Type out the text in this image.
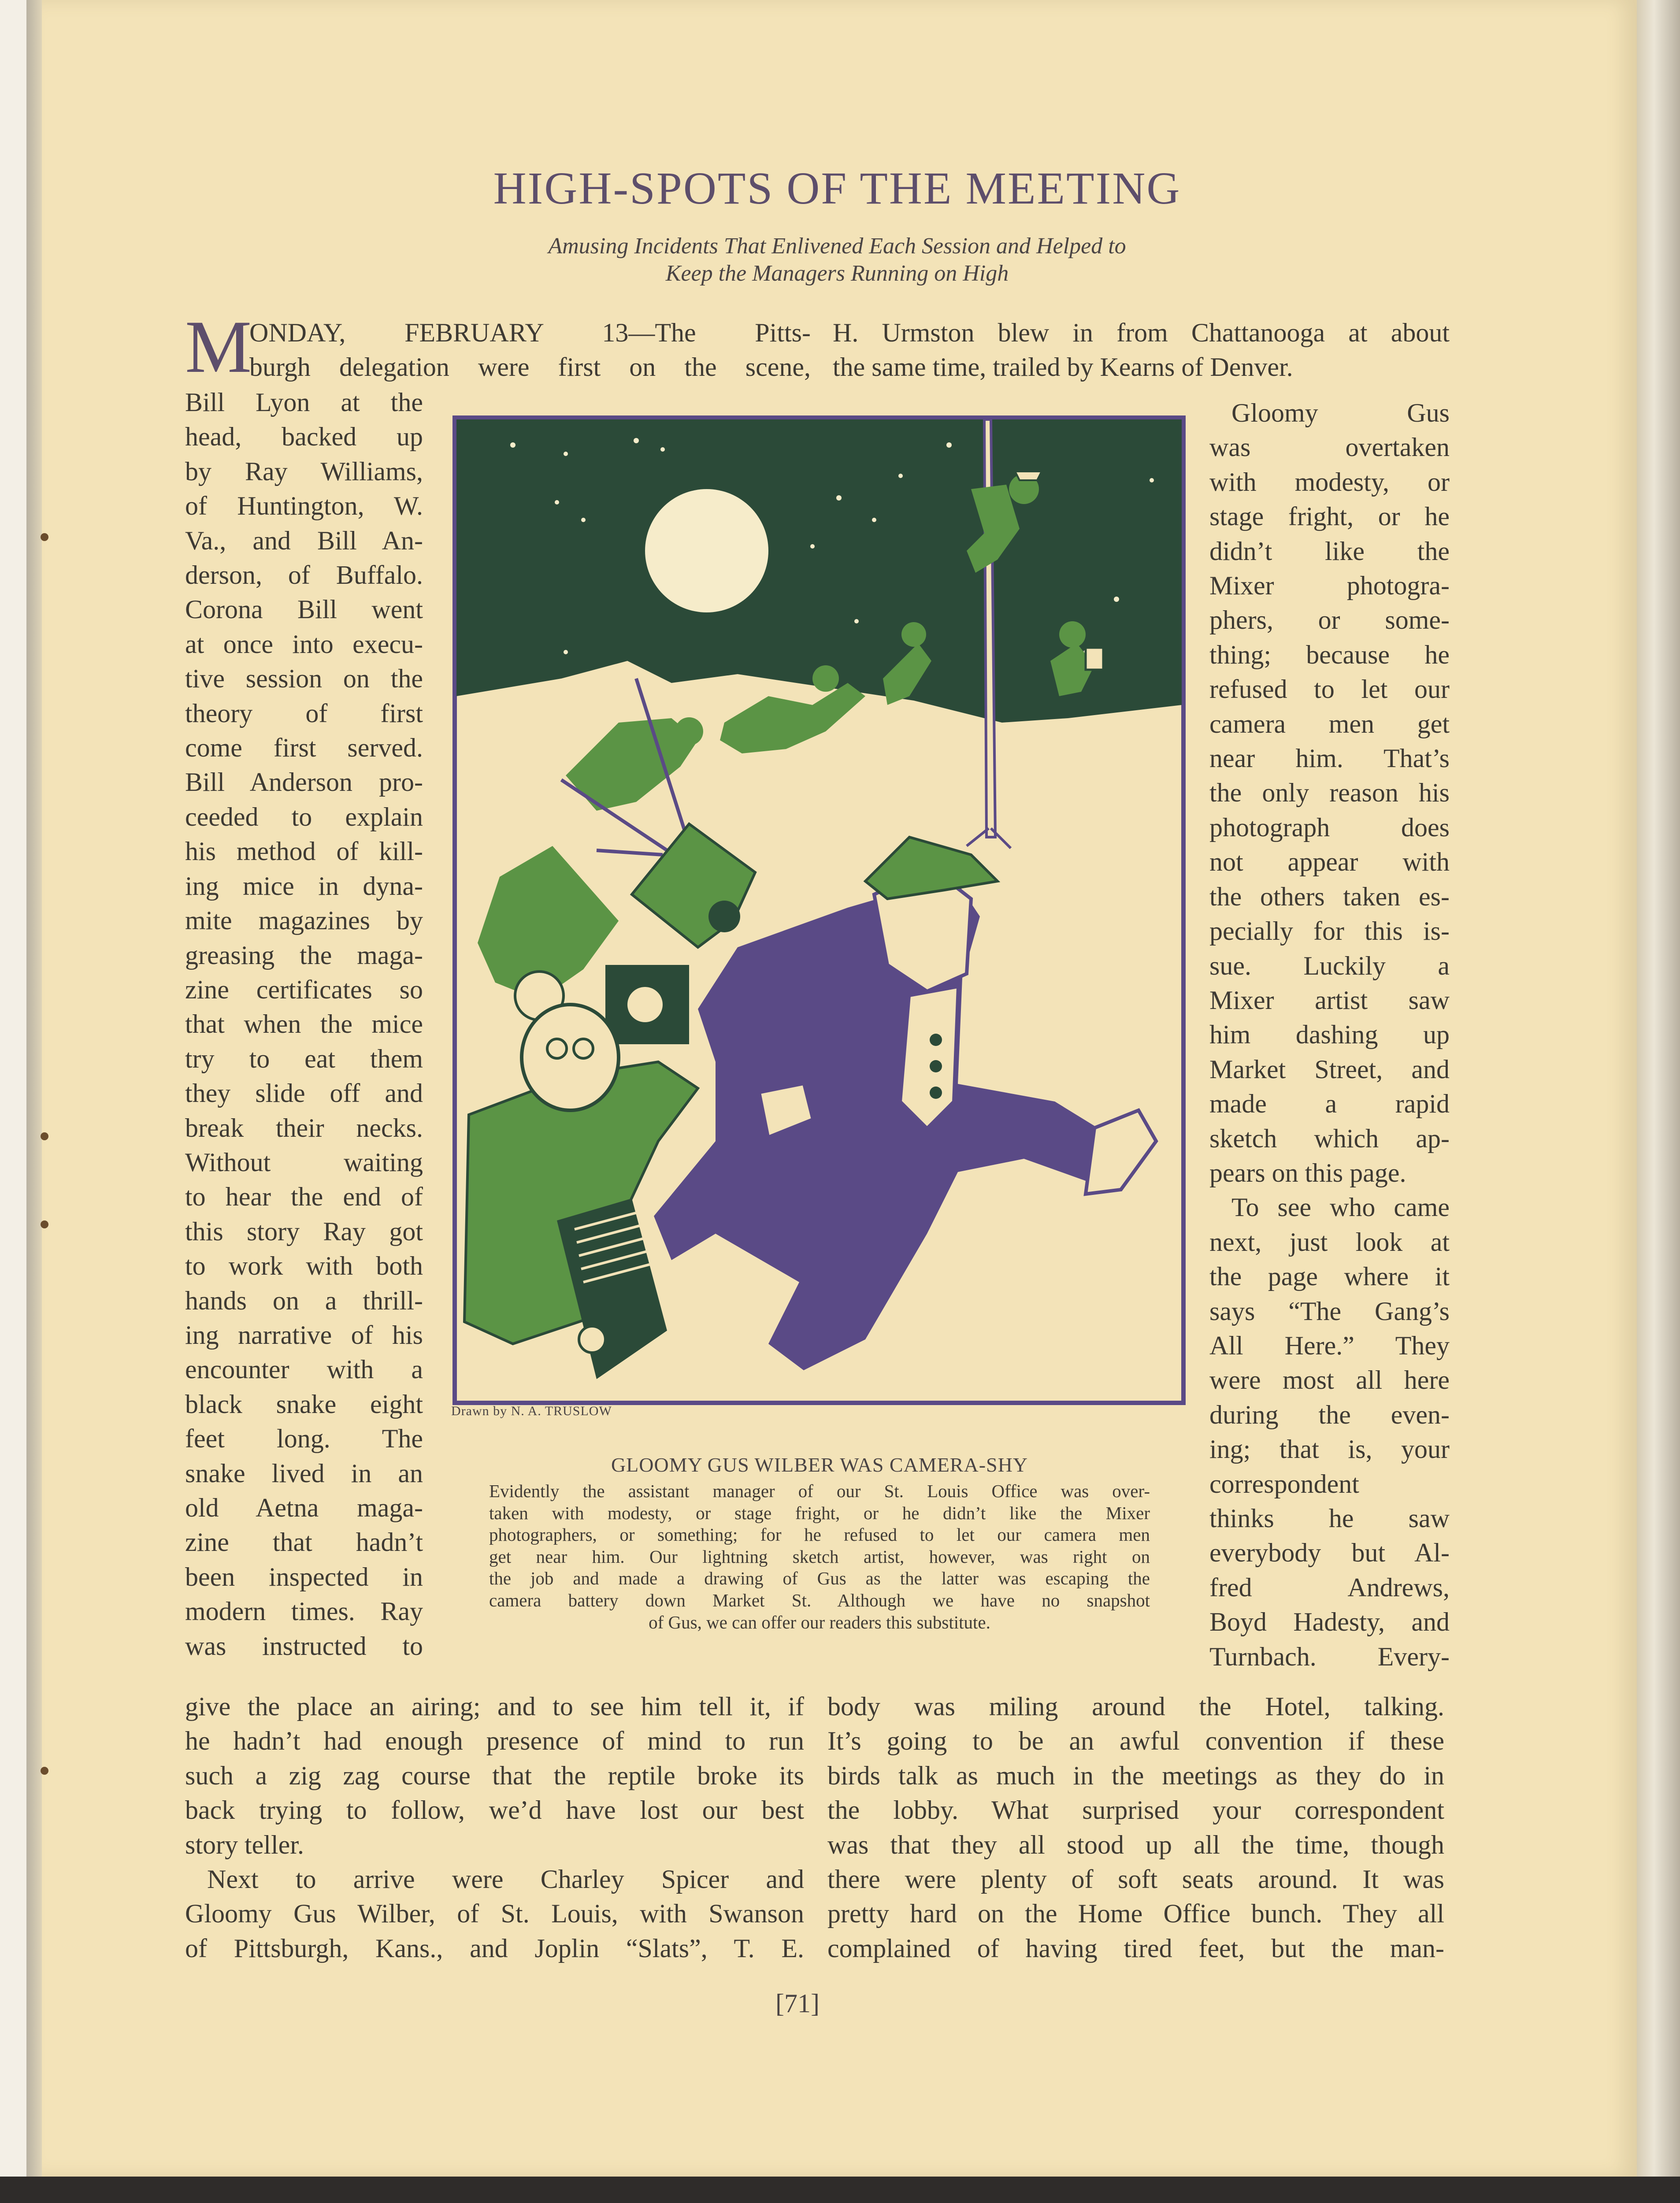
HIGH-SPOTS OF THE MEETING
Amusing Incidents That Enlivened Each Session and Helped to
Keep the Managers Running on High
M
ONDAY, FEBRUARY 13—The Pitts-
burgh delegation were first on the scene,
Bill Lyon at the
head, backed up
by Ray Williams,
of Huntington, W.
Va., and Bill An-
derson, of Buffalo.
Corona Bill went
at once into execu-
tive session on the
theory of first
come first served.
Bill Anderson pro-
ceeded to explain
his method of kill-
ing mice in dyna-
mite magazines by
greasing the maga-
zine certificates so
that when the mice
try to eat them
they slide off and
break their necks.
Without waiting
to hear the end of
this story Ray got
to work with both
hands on a thrill-
ing narrative of his
encounter with a
black snake eight
feet long. The
snake lived in an
old Aetna maga-
zine that hadn’t
been inspected in
modern times. Ray
was instructed to
give the place an airing; and to see him tell it, if
he hadn’t had enough presence of mind to run
such a zig zag course that the reptile broke its
back trying to follow, we’d have lost our best
story teller.
Next to arrive were Charley Spicer and
Gloomy Gus Wilber, of St. Louis, with Swanson
of Pittsburgh, Kans., and Joplin “Slats”, T. E.
H. Urmston blew in from Chattanooga at about
the same time, trailed by Kearns of Denver.
Gloomy Gus
was overtaken
with modesty, or
stage fright, or he
didn’t like the
Mixer photogra-
phers, or some-
thing; because he
refused to let our
camera men get
near him. That’s
the only reason his
photograph does
not appear with
the others taken es-
pecially for this is-
sue. Luckily a
Mixer artist saw
him dashing up
Market Street, and
made a rapid
sketch which ap-
pears on this page.
To see who came
next, just look at
the page where it
says “The Gang’s
All Here.” They
were most all here
during the even-
ing; that is, your
correspondent
thinks he saw
everybody but Al-
fred Andrews,
Boyd Hadesty, and
Turnbach. Every-
body was miling around the Hotel, talking.
It’s going to be an awful convention if these
birds talk as much in the meetings as they do in
the lobby. What surprised your correspondent
was that they all stood up all the time, though
there were plenty of soft seats around. It was
pretty hard on the Home Office bunch. They all
complained of having tired feet, but the man-
Drawn by N. A. TRUSLOW
GLOOMY GUS WILBER WAS CAMERA-SHY
Evidently the assistant manager of our St. Louis Office was over-
taken with modesty, or stage fright, or he didn’t like the Mixer
photographers, or something; for he refused to let our camera men
get near him. Our lightning sketch artist, however, was right on
the job and made a drawing of Gus as the latter was escaping the
camera battery down Market St. Although we have no snapshot
of Gus, we can offer our readers this substitute.
[71]
